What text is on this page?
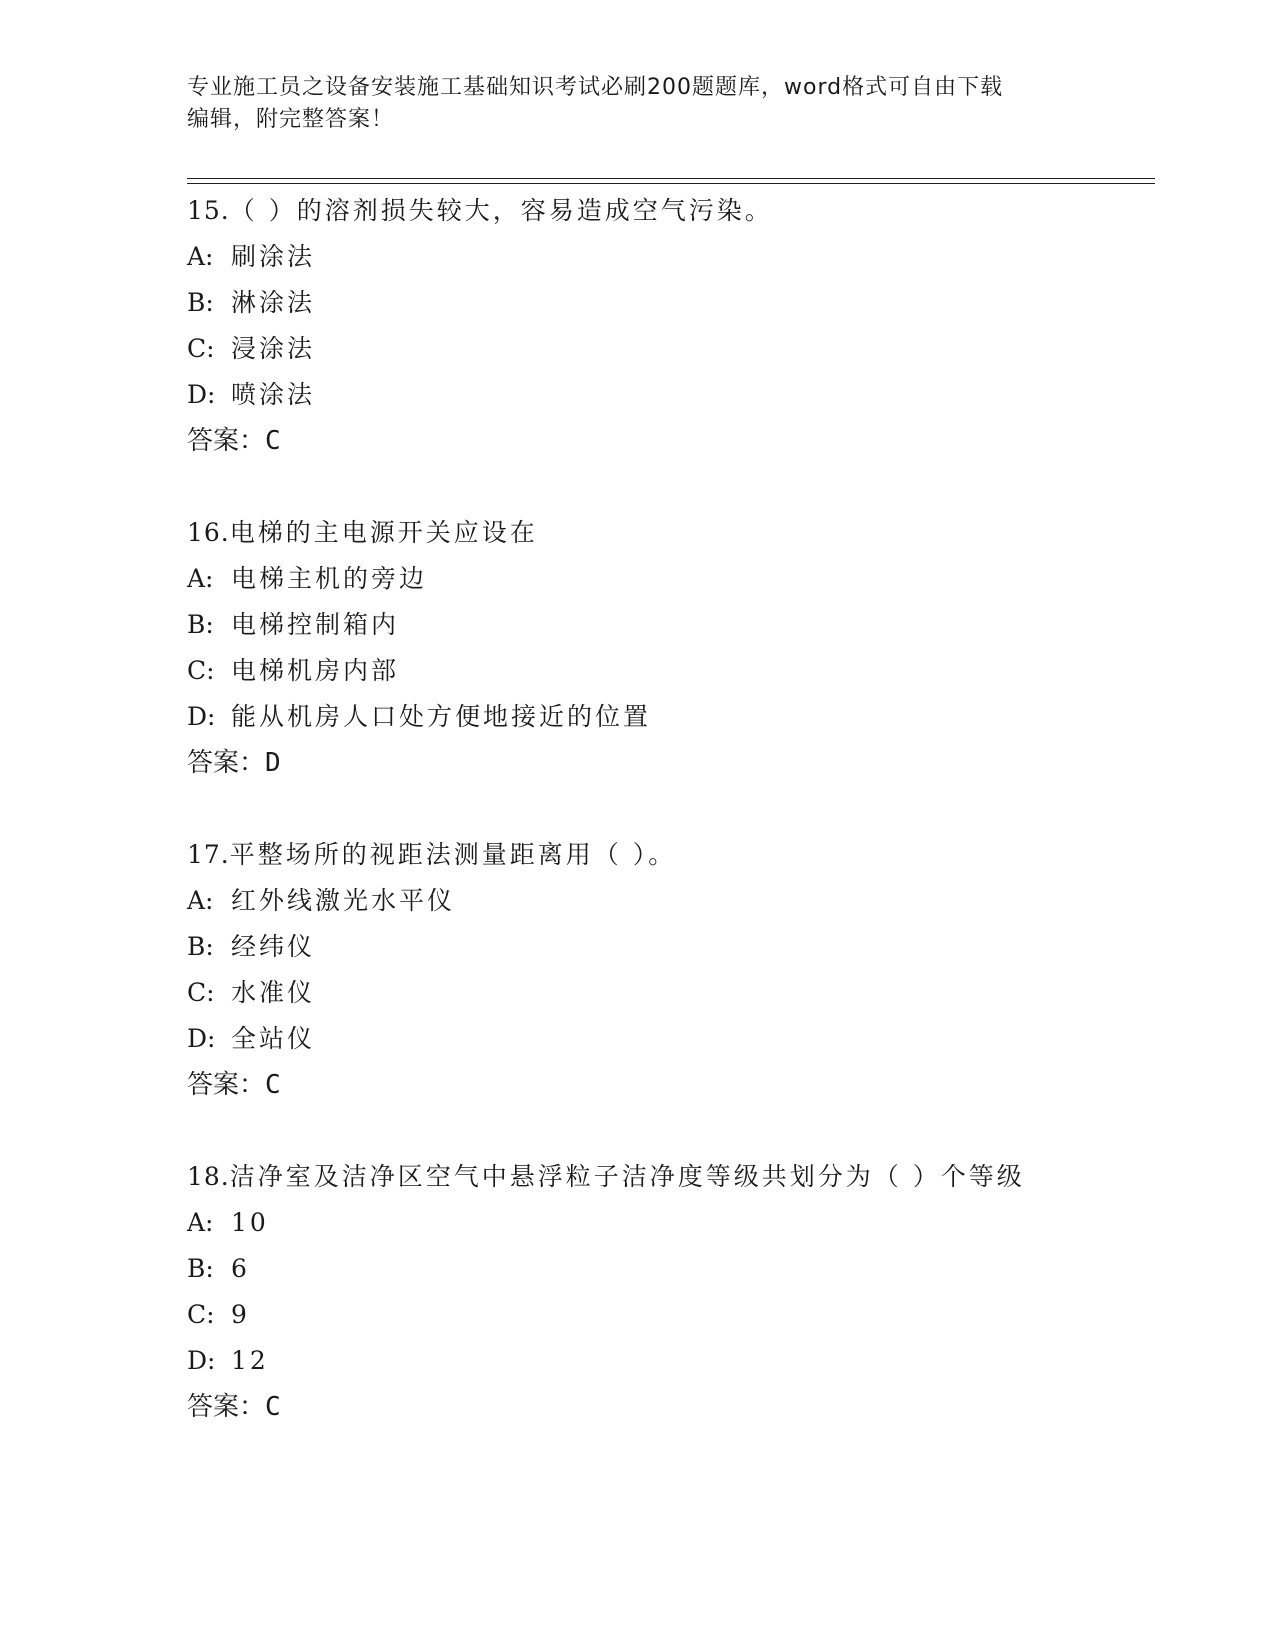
专业施工员之设备安装施工基础知识考试必刷200题题库，word格式可自由下载
编辑，附完整答案！
15.（ ）的溶剂损失较大，容易造成空气污染。
A: 刷涂法
B: 淋涂法
C: 浸涂法
D: 喷涂法
答案：C
16.电梯的主电源开关应设在
A: 电梯主机的旁边
B: 电梯控制箱内
C: 电梯机房内部
D: 能从机房人口处方便地接近的位置
答案：D
17.平整场所的视距法测量距离用（ ）。
A: 红外线激光水平仪
B: 经纬仪
C: 水准仪
D: 全站仪
答案：C
18.洁净室及洁净区空气中悬浮粒子洁净度等级共划分为（ ）个等级
A: 10
B: 6
C: 9
D: 12
答案：C
